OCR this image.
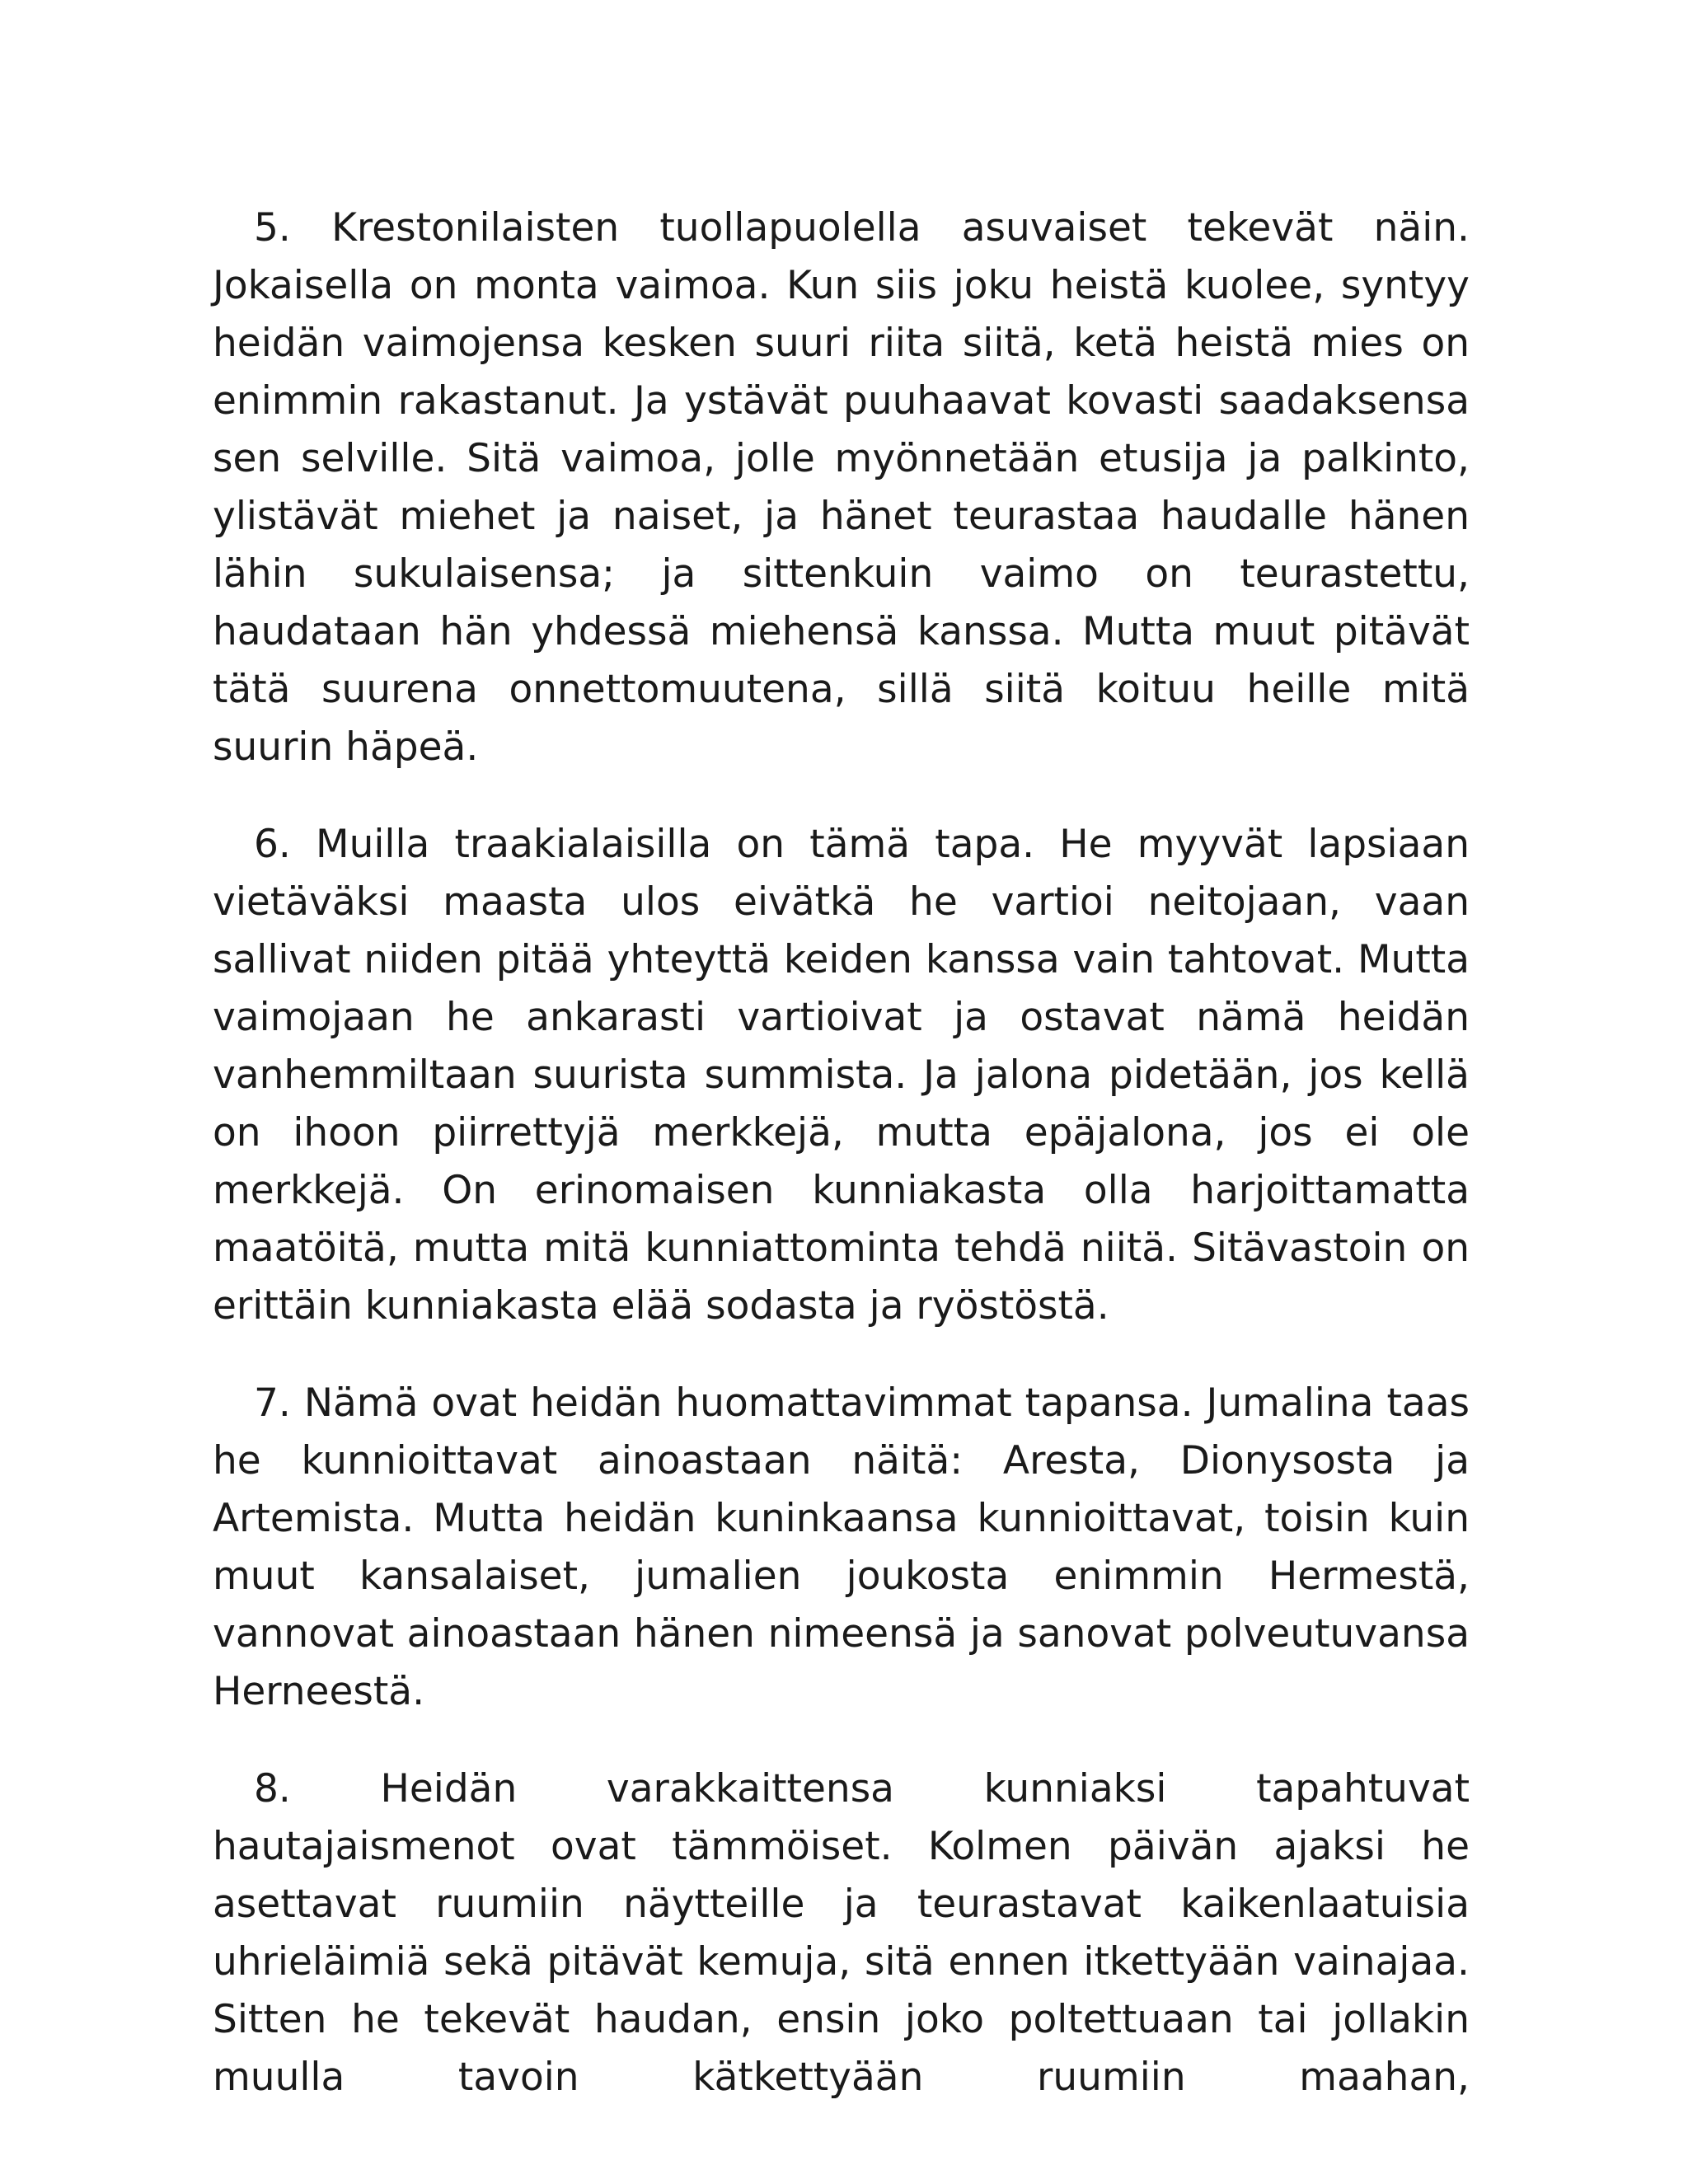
5. Krestonilaisten tuollapuolella asuvaiset tekevät näin. Jokaisella on monta vaimoa. Kun siis joku heistä kuolee, syntyy heidän vaimojensa kesken suuri riita siitä, ketä heistä mies on enimmin rakastanut. Ja ystävät puuhaavat kovasti saadaksensa sen selville. Sitä vaimoa, jolle myönnetään etusija ja palkinto, ylistävät miehet ja naiset, ja hänet teurastaa haudalle hänen lähin sukulaisensa; ja sittenkuin vaimo on teurastettu, haudataan hän yhdessä miehensä kanssa. Mutta muut pitävät tätä suurena onnettomuutena, sillä siitä koituu heille mitä suurin häpeä.

6. Muilla traakialaisilla on tämä tapa. He myyvät lapsiaan vietäväksi maasta ulos eivätkä he vartioi neitojaan, vaan sallivat niiden pitää yhteyttä keiden kanssa vain tahtovat. Mutta vaimojaan he ankarasti vartioivat ja ostavat nämä heidän vanhemmiltaan suurista summista. Ja jalona pidetään, jos kellä on ihoon piirrettyjä merkkejä, mutta epäjalona, jos ei ole merkkejä. On erinomaisen kunniakasta olla harjoittamatta maatöitä, mutta mitä kunniattominta tehdä niitä. Sitävastoin on erittäin kunniakasta elää sodasta ja ryöstöstä.

7. Nämä ovat heidän huomattavimmat tapansa. Jumalina taas he kunnioittavat ainoastaan näitä: Aresta, Dionysosta ja Artemista. Mutta heidän kuninkaansa kunnioittavat, toisin kuin muut kansalaiset, jumalien joukosta enimmin Hermestä, vannovat ainoastaan hänen nimeensä ja sanovat polveutuvansa Herneestä.

8. Heidän varakkaittensa kunniaksi tapahtuvat hautajaismenot ovat tämmöiset. Kolmen päivän ajaksi he asettavat ruumiin näytteille ja teurastavat kaikenlaatuisia uhrieläimiä sekä pitävät kemuja, sitä ennen itkettyään vainajaa. Sitten he tekevät haudan, ensin joko poltettuaan tai jollakin muulla tavoin kätkettyään ruumiin maahan,
